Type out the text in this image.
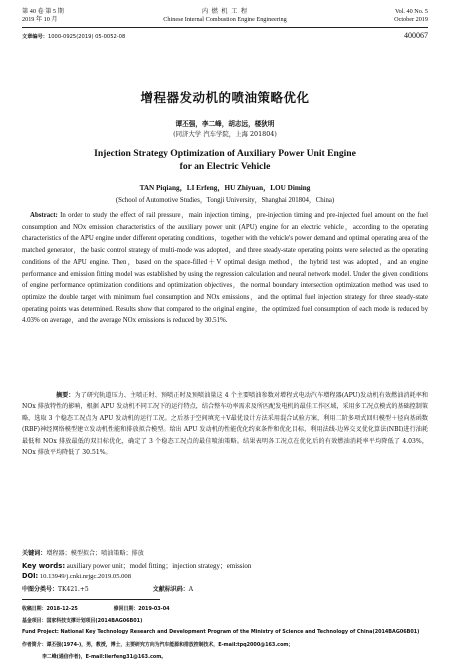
第 40 卷 第 5 期
2019 年 10 月
内 燃 机 工 程
Chinese Internal Combustion Engine Engineering
Vol. 40 No. 5
October 2019
文章编号：1000-0925(2019) 05-0052-08	400067
增程器发动机的喷油策略优化
谭丕强，李二峰，胡志远，楼狄明
(同济大学 汽车学院，上海 201804)
Injection Strategy Optimization of Auxiliary Power Unit Engine
for an Electric Vehicle
TAN Piqiang，LI Erfeng，HU Zhiyuan，LOU Diming
(School of Automotive Studies，Tongji University，Shanghai 201804，China)
Abstract: In order to study the effect of rail pressure，main injection timing，pre-injection timing and pre-injected fuel amount on the fuel consumption and NOx emission characteristics of the auxiliary power unit (APU) engine for an electric vehicle，according to the operating characteristics of the APU engine under different operating conditions，together with the vehicle's power demand and optimal operating area of the matched generator，the basic control strategy of multi-mode was adopted，and three steady-state operating points were selected as the operating conditions of the APU engine. Then，based on the space-filled＋V optimal design method，the hybrid test was adopted，and an engine performance and emission fitting model was established by using the regression calculation and neural network model. Under the given conditions of engine performance optimization conditions and optimization objectives，the normal boundary intersection optimization method was used to optimize the double target with minimum fuel consumption and NOx emissions，and the optimal fuel injection strategy for three steady-state operating points was determined. Results show that compared to the original engine，the optimized fuel consumption of each mode is reduced by 4.03% on average，and the average NOx emissions is reduced by 30.51%.
摘要：为了研究轨道压力、主喷正时、预喷正时及预喷油量这 4 个主要喷油参数对增程式电动汽车增程器(APU)发动机有效燃油消耗率和 NOx 排放特性的影响，根据 APU 发动机不同工况下的运行特点，结合整车功率需求及所匹配发电机的最佳工作区域，采用多工况点模式的基础控制策略，选取 3 个稳态工况点为 APU 发动机的运行工况。之后基于空间填充＋V最优设计方法采用混合试验方案，利用二阶多项式回归模型＋径向基函数(RBF)神经网络模型建立发动机性能和排放拟合模型。给出 APU 发动机的性能优化约束条件和优化目标，利用法线-边界交叉优化算法(NBI)进行油耗最低和 NOx 排放最低的双目标优化，确定了 3 个稳态工况点的最佳喷油策略。结果表明各工况点在优化后的有效燃油消耗率平均降低了 4.03%，NOx 排放平均降低了 30.51%。
关键词：增程器；模型拟合；喷油策略；排放
Key words: auxiliary power unit；model fitting；injection strategy；emission
DOI: 10.13949/j.cnki.nrjgc.2019.05.008
中图分类号：TK421.+5	文献标识码：A
收稿日期：2018-12-25	修回日期：2019-03-04
基金项目：国家科技支撑计划项目(2014BAG06B01)
Fund Project: National Key Technology Research and Development Program of the Ministry of Science and Technology of China(2014BAG06B01)
作者简介：谭丕强(1974-)，男，教授，博士，主要研究方向为汽车能源和排放控制技术，E-mail:tpq2000@163.com；
李二峰(通信作者)，E-mail:lierfeng31@163.com。
